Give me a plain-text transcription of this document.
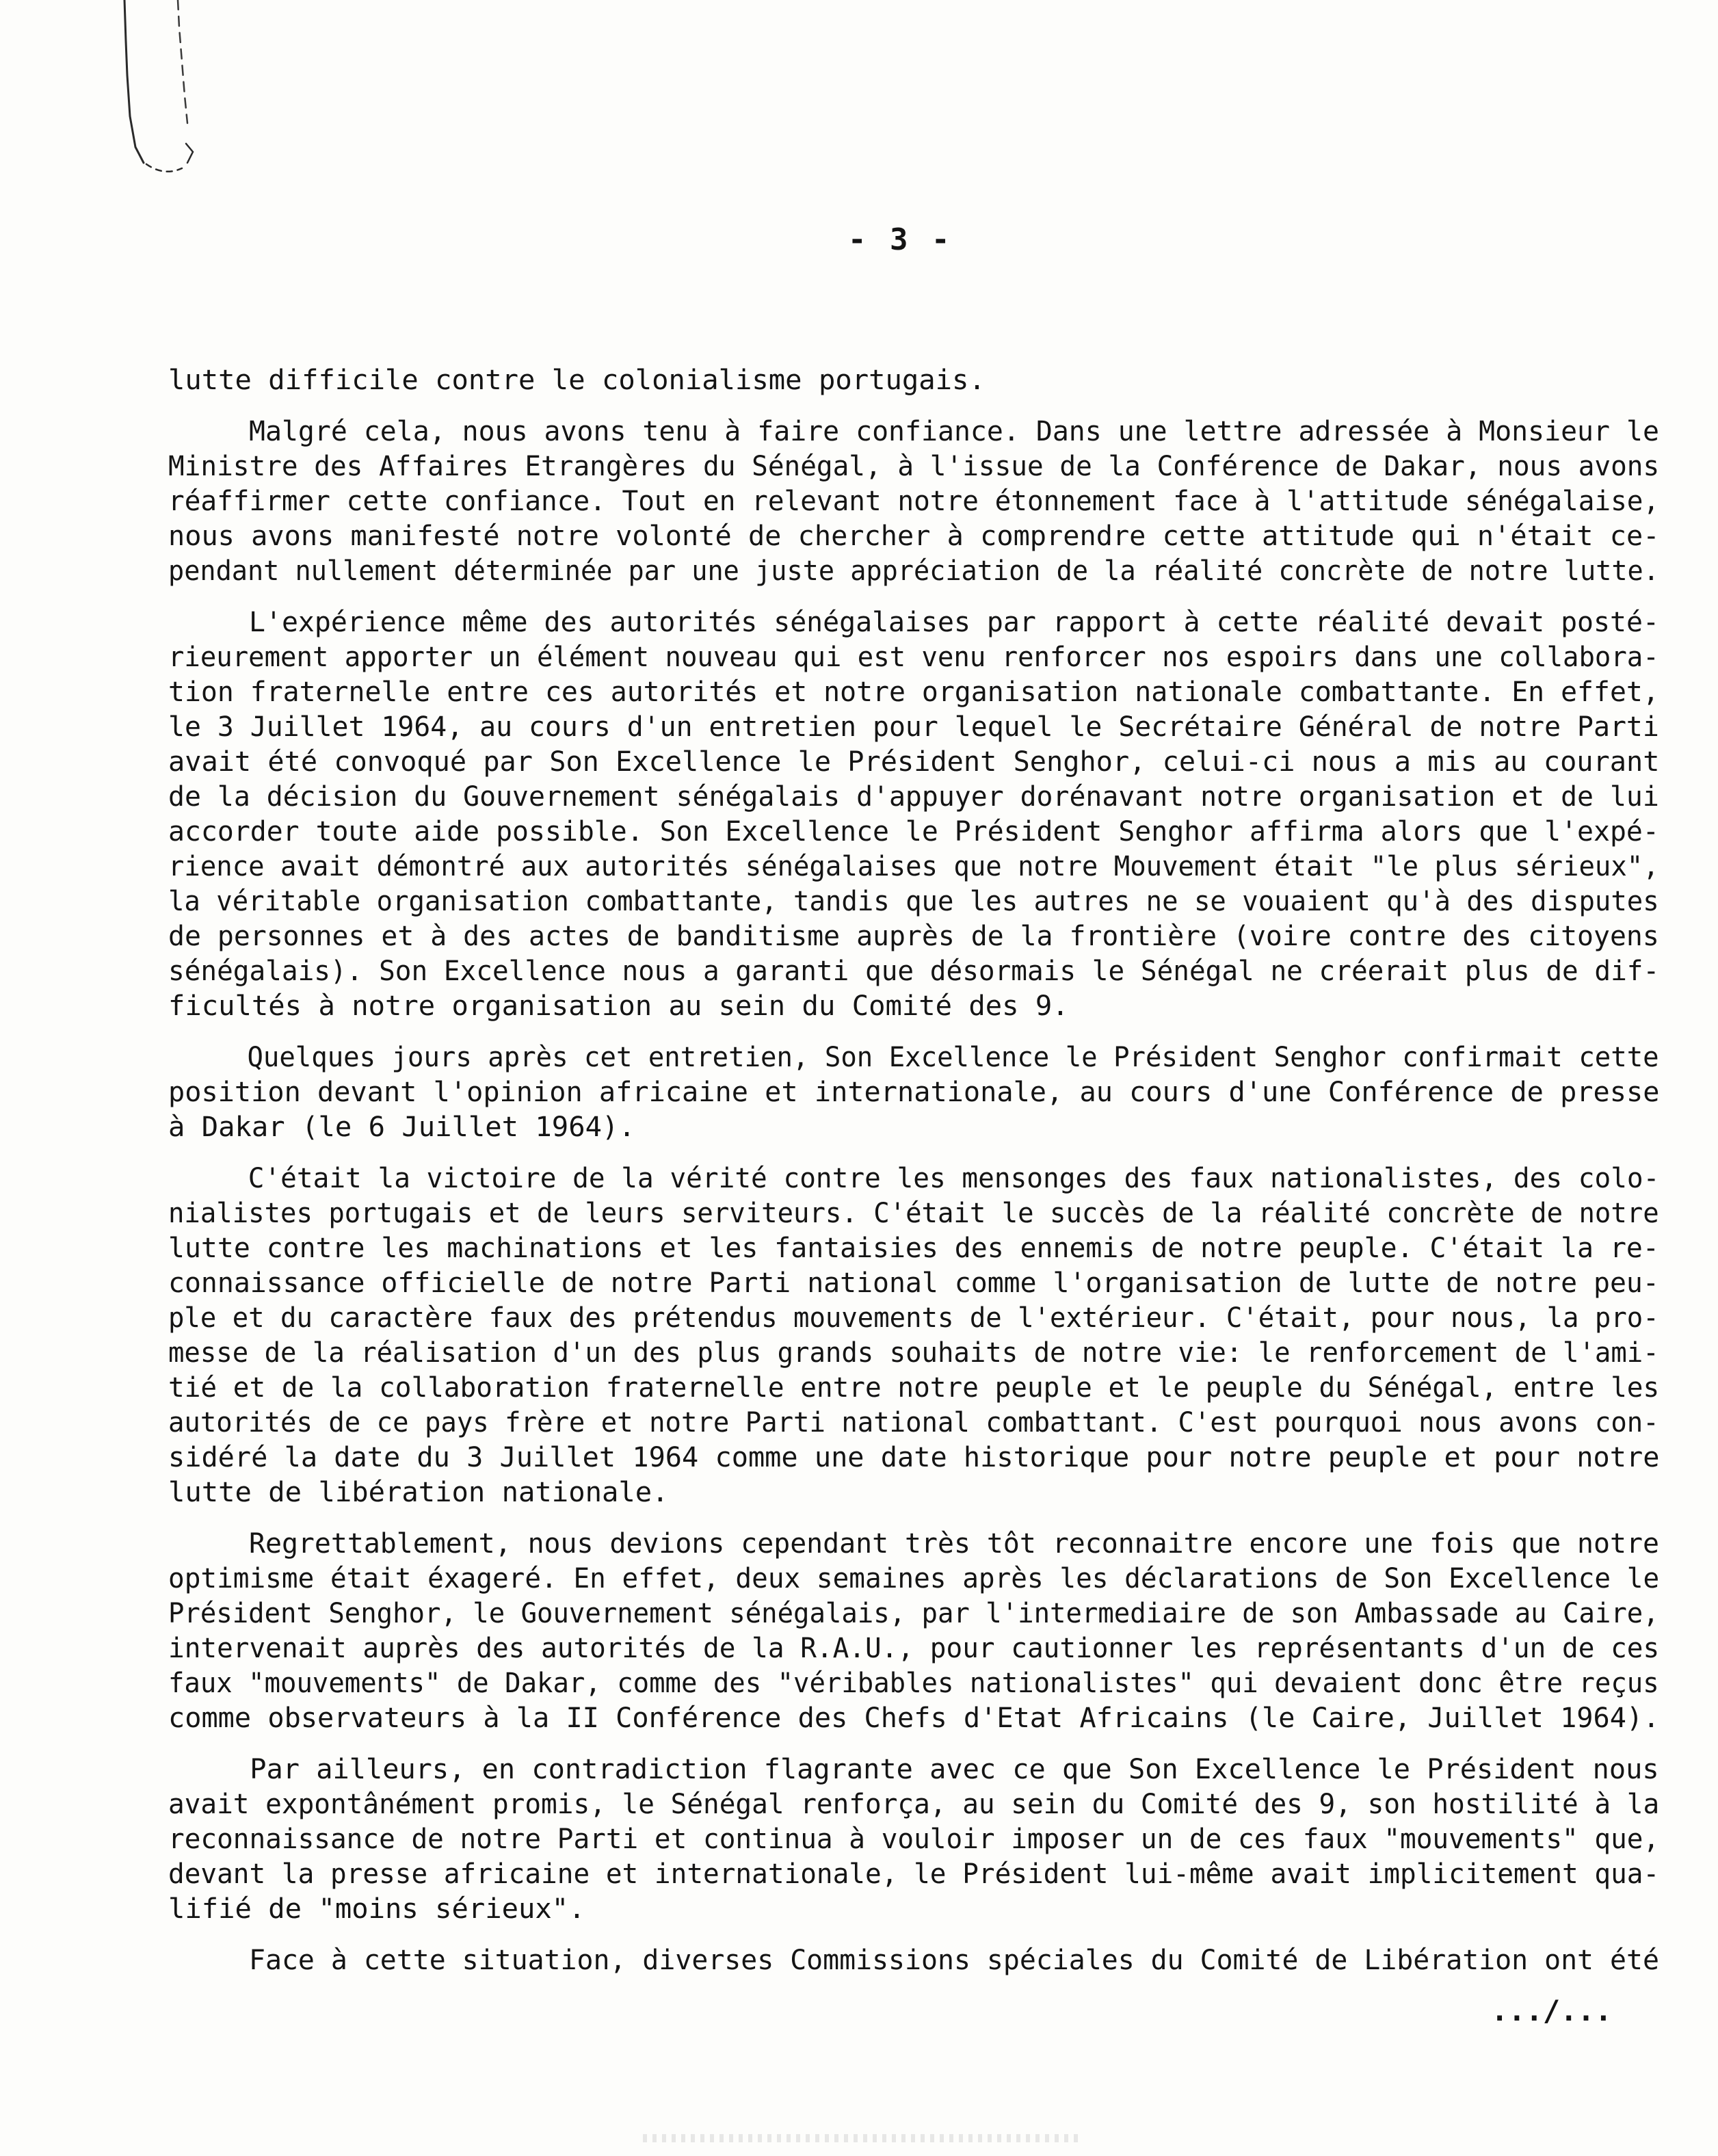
- 3 -
lutte difficile contre le colonialisme portugais.
Malgré cela, nous avons tenu à faire confiance. Dans une lettre adressée à Monsieur le
Ministre des Affaires Etrangères du Sénégal, à l'issue de la Conférence de Dakar, nous avons
réaffirmer cette confiance. Tout en relevant notre étonnement face à l'attitude sénégalaise,
nous avons manifesté notre volonté de chercher à comprendre cette attitude qui n'était ce-
pendant nullement déterminée par une juste appréciation de la réalité concrète de notre lutte.
L'expérience même des autorités sénégalaises par rapport à cette réalité devait posté-
rieurement apporter un élément nouveau qui est venu renforcer nos espoirs dans une collabora-
tion fraternelle entre ces autorités et notre organisation nationale combattante. En effet,
le 3 Juillet 1964, au cours d'un entretien pour lequel le Secrétaire Général de notre Parti
avait été convoqué par Son Excellence le Président Senghor, celui-ci nous a mis au courant
de la décision du Gouvernement sénégalais d'appuyer dorénavant notre organisation et de lui
accorder toute aide possible. Son Excellence le Président Senghor affirma alors que l'expé-
rience avait démontré aux autorités sénégalaises que notre Mouvement était "le plus sérieux",
la véritable organisation combattante, tandis que les autres ne se vouaient qu'à des disputes
de personnes et à des actes de banditisme auprès de la frontière (voire contre des citoyens
sénégalais). Son Excellence nous a garanti que désormais le Sénégal ne créerait plus de dif-
ficultés à notre organisation au sein du Comité des 9.
Quelques jours après cet entretien, Son Excellence le Président Senghor confirmait cette
position devant l'opinion africaine et internationale, au cours d'une Conférence de presse
à Dakar (le 6 Juillet 1964).
C'était la victoire de la vérité contre les mensonges des faux nationalistes, des colo-
nialistes portugais et de leurs serviteurs. C'était le succès de la réalité concrète de notre
lutte contre les machinations et les fantaisies des ennemis de notre peuple. C'était la re-
connaissance officielle de notre Parti national comme l'organisation de lutte de notre peu-
ple et du caractère faux des prétendus mouvements de l'extérieur. C'était, pour nous, la pro-
messe de la réalisation d'un des plus grands souhaits de notre vie: le renforcement de l'ami-
tié et de la collaboration fraternelle entre notre peuple et le peuple du Sénégal, entre les
autorités de ce pays frère et notre Parti national combattant. C'est pourquoi nous avons con-
sidéré la date du 3 Juillet 1964 comme une date historique pour notre peuple et pour notre
lutte de libération nationale.
Regrettablement, nous devions cependant très tôt reconnaitre encore une fois que notre
optimisme était éxageré. En effet, deux semaines après les déclarations de Son Excellence le
Président Senghor, le Gouvernement sénégalais, par l'intermediaire de son Ambassade au Caire,
intervenait auprès des autorités de la R.A.U., pour cautionner les représentants d'un de ces
faux "mouvements" de Dakar, comme des "véribables nationalistes" qui devaient donc être reçus
comme observateurs à la II Conférence des Chefs d'Etat Africains (le Caire, Juillet 1964).
Par ailleurs, en contradiction flagrante avec ce que Son Excellence le Président nous
avait expontânément promis, le Sénégal renforça, au sein du Comité des 9, son hostilité à la
reconnaissance de notre Parti et continua à vouloir imposer un de ces faux "mouvements" que,
devant la presse africaine et internationale, le Président lui-même avait implicitement qua-
lifié de "moins sérieux".
Face à cette situation, diverses Commissions spéciales du Comité de Libération ont été
.../...
